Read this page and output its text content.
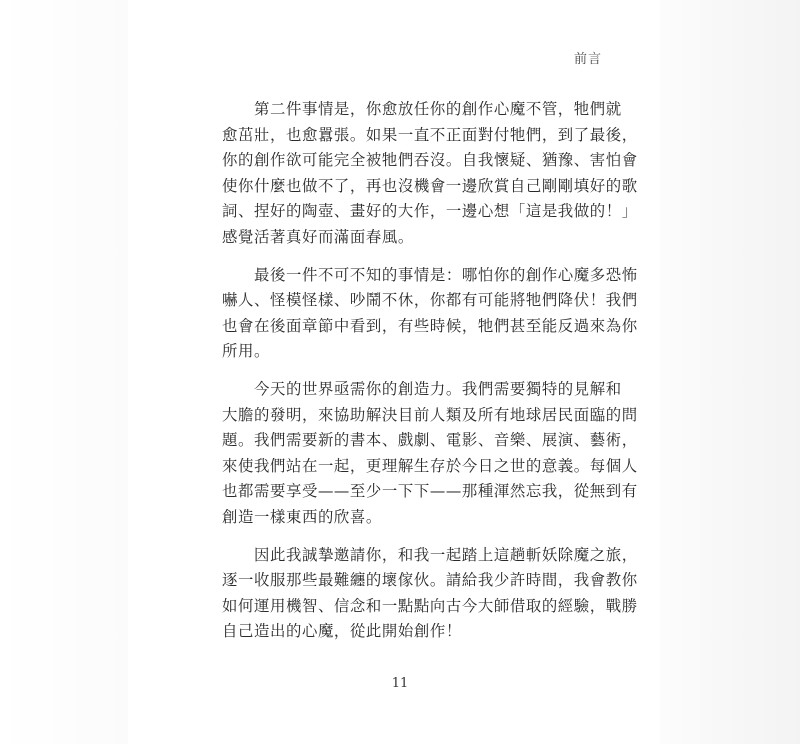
前言
　　第二件事情是，你愈放任你的創作心魔不管，牠們就
愈茁壯，也愈囂張。如果一直不正面對付牠們，到了最後，
你的創作欲可能完全被牠們吞沒。自我懷疑、猶豫、害怕會
使你什麼也做不了，再也沒機會一邊欣賞自己剛剛填好的歌
詞、捏好的陶壺、畫好的大作，一邊心想「這是我做的！」
感覺活著真好而滿面春風。
　　最後一件不可不知的事情是：哪怕你的創作心魔多恐怖
嚇人、怪模怪樣、吵鬧不休，你都有可能將牠們降伏！我們
也會在後面章節中看到，有些時候，牠們甚至能反過來為你
所用。
　　今天的世界亟需你的創造力。我們需要獨特的見解和
大膽的發明，來協助解決目前人類及所有地球居民面臨的問
題。我們需要新的書本、戲劇、電影、音樂、展演、藝術，
來使我們站在一起，更理解生存於今日之世的意義。每個人
也都需要享受——至少一下下——那種渾然忘我，從無到有
創造一樣東西的欣喜。
　　因此我誠摯邀請你，和我一起踏上這趟斬妖除魔之旅，
逐一收服那些最難纏的壞傢伙。請給我少許時間，我會教你
如何運用機智、信念和一點點向古今大師借取的經驗，戰勝
自己造出的心魔，從此開始創作！
11
